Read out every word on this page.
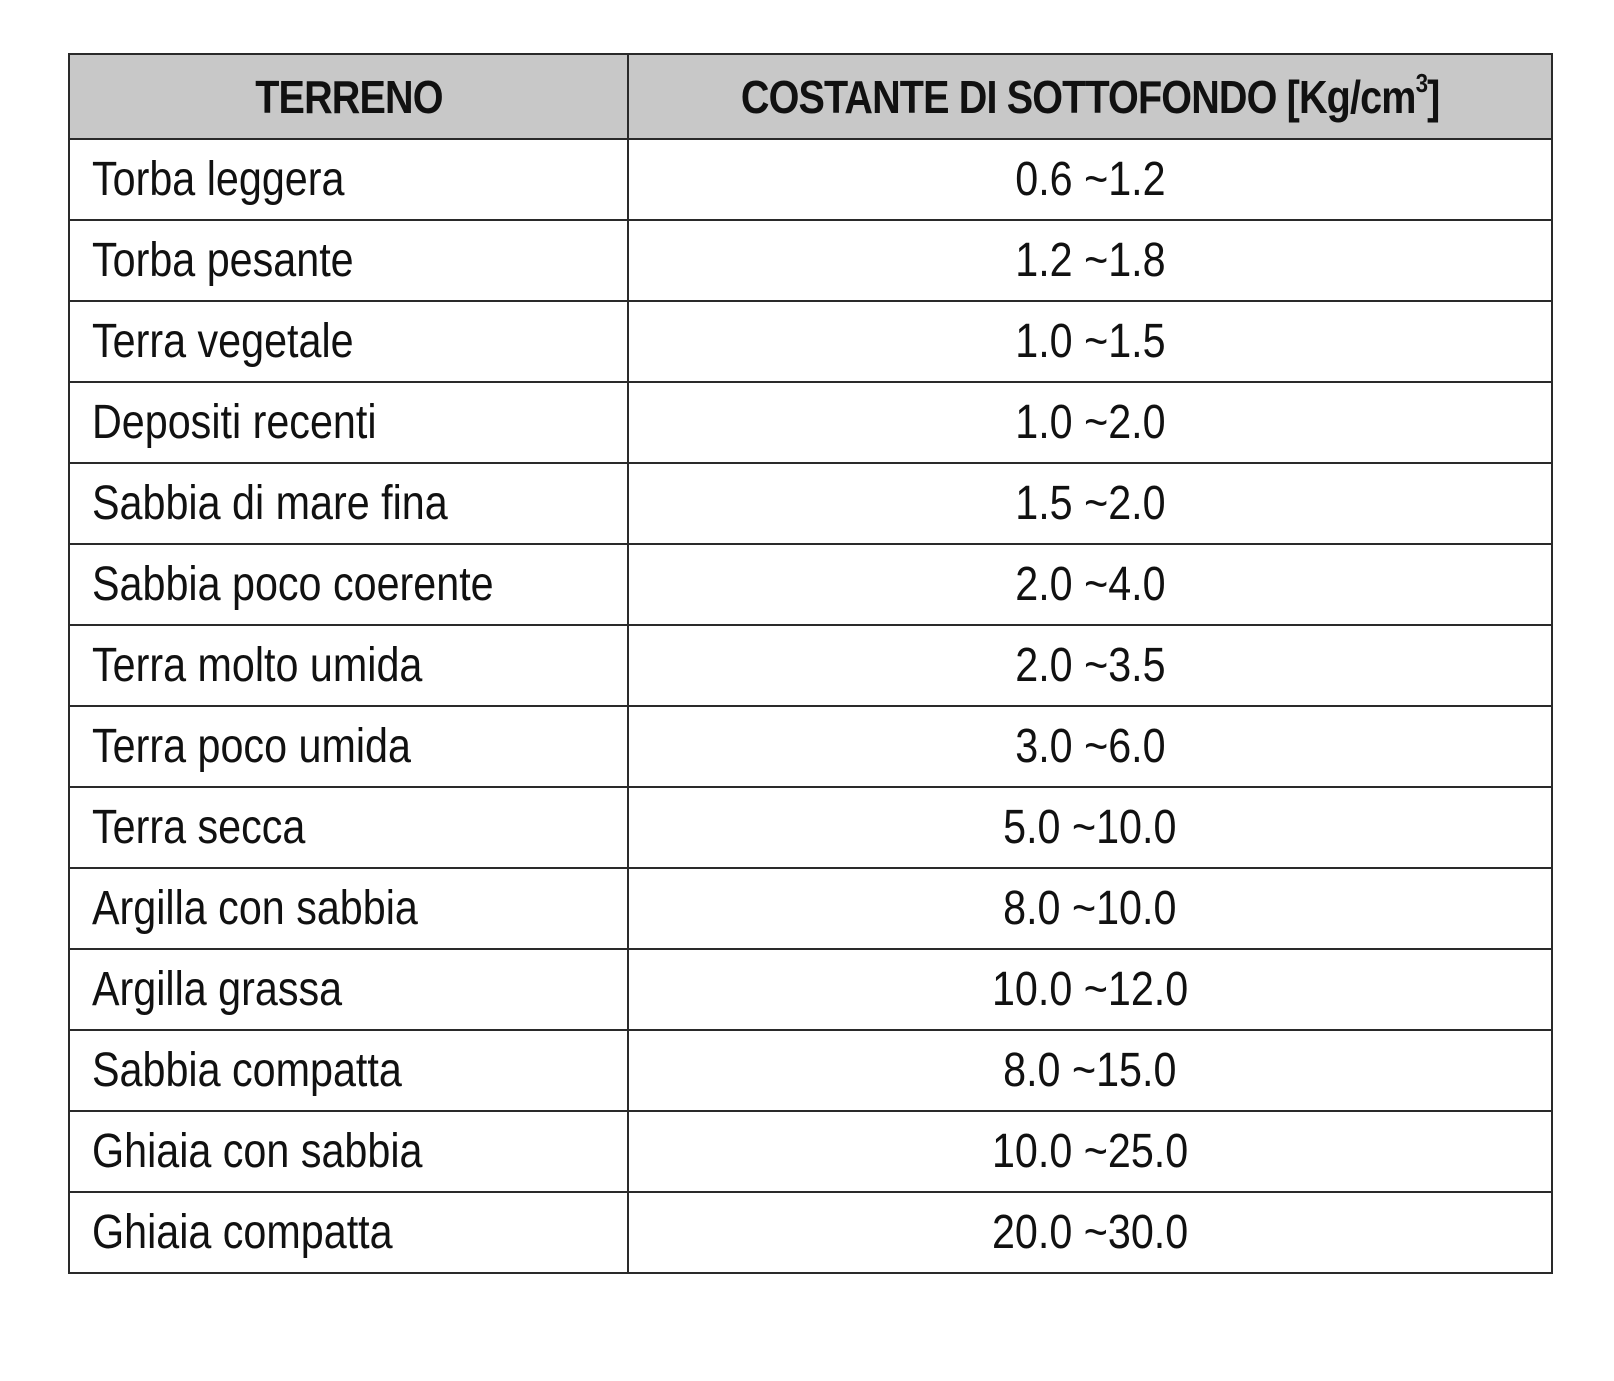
TERRENO	COSTANTE DI SOTTOFONDO $[Kg/cm^3]$
Torba leggera	0.6 ~1.2
Torba pesante	1.2 ~1.8
Terra vegetale	1.0 ~1.5
Depositi recenti	1.0 ~2.0
Sabbia di mare fina	1.5 ~2.0
Sabbia poco coerente	2.0 ~4.0
Terra molto umida	2.0 ~3.5
Terra poco umida	3.0 ~6.0
Terra secca	5.0 ~10.0
Argilla con sabbia	8.0 ~10.0
Argilla grassa	10.0 ~12.0
Sabbia compatta	8.0 ~15.0
Ghiaia con sabbia	10.0 ~25.0
Ghiaia compatta	20.0 ~30.0
